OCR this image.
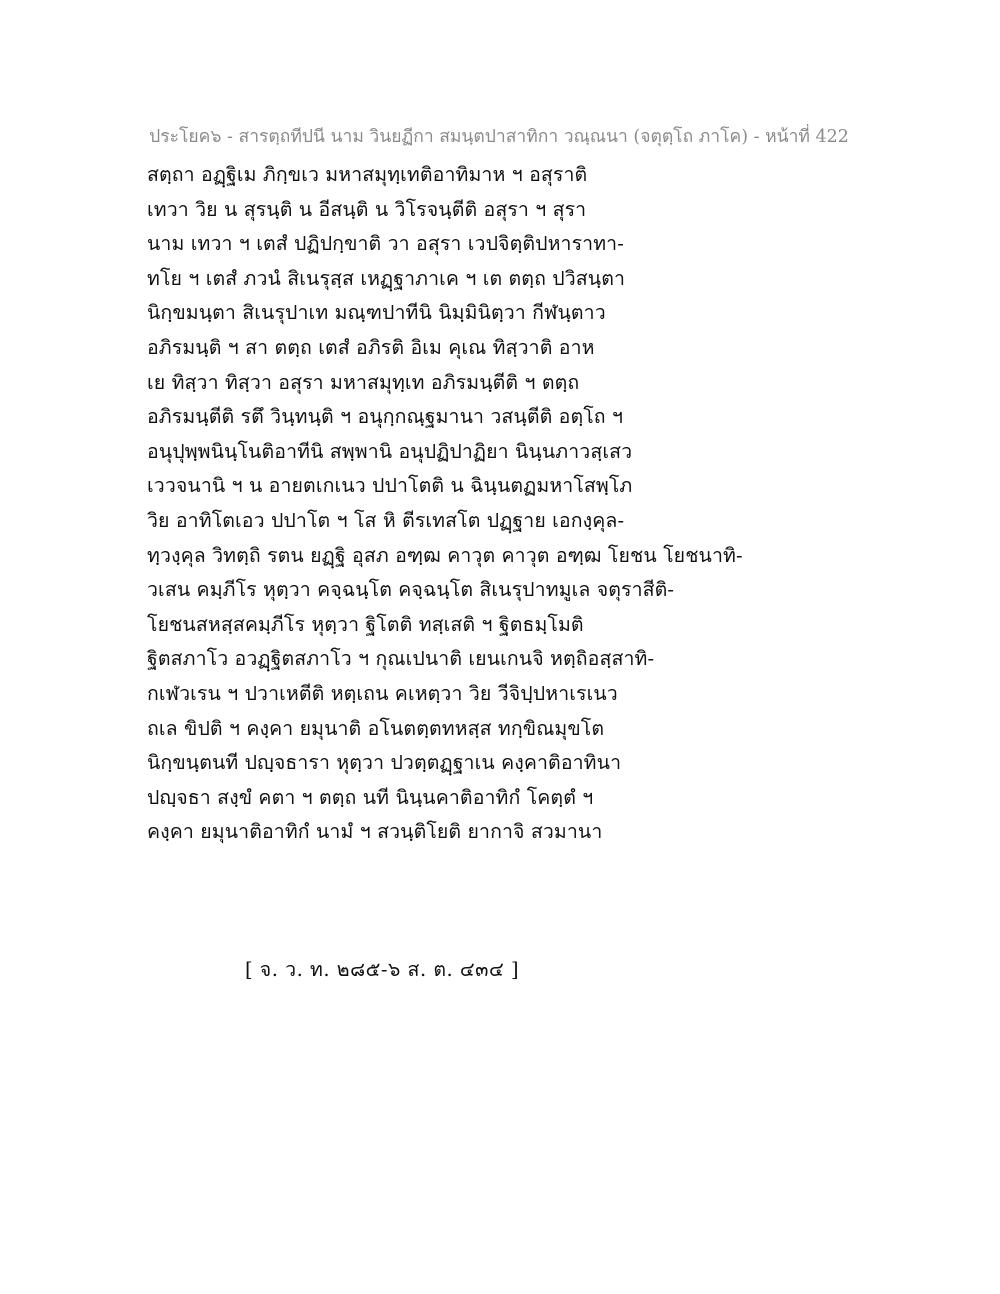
ประโยค๖ - สารตฺถทีปนี นาม วินยฏีกา สมนฺตปาสาทิกา วณฺณนา (จตุตฺโถ ภาโค) - หน้าที่ 422
สตฺถา อฏฺฐิเม ภิกฺขเว มหาสมุทฺเทติอาทิมาห ฯ อสุราติ
เทวา วิย น สุรนฺติ น อีสนฺติ น วิโรจนฺตีติ อสุรา ฯ สุรา
นาม เทวา ฯ เตสํ ปฏิปกฺขาติ วา อสุรา เวปจิตฺติปหาราทา-
ทโย ฯ เตสํ ภวนํ สิเนรุสฺส เหฏฺฐาภาเค ฯ เต ตตฺถ ปวิสนฺตา
นิกฺขมนฺตา สิเนรุปาเท มณฺฑปาทีนิ นิมฺมินิตฺวา กีฬนฺตาว
อภิรมนฺติ ฯ สา ตตฺถ เตสํ อภิรติ อิเม คุเณ ทิสฺวาติ อาห
เย ทิสฺวา ทิสฺวา อสุรา มหาสมุทฺเท อภิรมนฺตีติ ฯ ตตฺถ
อภิรมนฺตีติ รตึ วินฺทนฺติ ฯ อนุกฺกณฺฐมานา วสนฺตีติ อตฺโถ ฯ
อนุปุพฺพนินฺโนติอาทีนิ สพฺพานิ อนุปฏิปาฏิยา นินฺนภาวสฺเสว
เววจนานิ ฯ น อายตเกเนว ปปาโตติ น ฉินฺนตฏมหาโสพฺโภ
วิย อาทิโตเอว ปปาโต ฯ โส หิ ตีรเทสโต ปฏฺฐาย เอกงฺคุล-
ทฺวงฺคุล วิทตฺถิ รตน ยฏฺฐิ อุสภ อฑฺฒ คาวุต คาวุต อฑฺฒ โยชน โยชนาทิ-
วเสน คมฺภีโร หุตฺวา คจฺฉนฺโต คจฺฉนฺโต สิเนรุปาทมูเล จตุราสีติ-
โยชนสหสฺสคมฺภีโร หุตฺวา ฐิโตติ ทสฺเสติ ฯ ฐิตธมฺโมติ
ฐิตสภาโว อวฏฺฐิตสภาโว ฯ กุณเปนาติ เยนเกนจิ หตฺถิอสฺสาทิ-
กเฬวเรน ฯ ปวาเหตีติ หตฺเถน คเหตฺวา วิย วีจิปฺปหาเรเนว
ถเล ขิปติ ฯ คงฺคา ยมุนาติ อโนตตฺตทหสฺส ทกฺขิณมุขโต
นิกฺขนฺตนที ปญฺจธารา หุตฺวา ปวตฺตฏฺฐาเน คงฺคาติอาทินา
ปญฺจธา สงฺขํ คตา ฯ ตตฺถ นที นินฺนคาติอาทิกํ โคตฺตํ ฯ
คงฺคา ยมุนาติอาทิกํ นามํ ฯ สวนฺติโยติ ยากาจิ สวมานา
[ จ. ว. ท. ๒๘๕-๖ ส. ต. ๔๓๔ ]
